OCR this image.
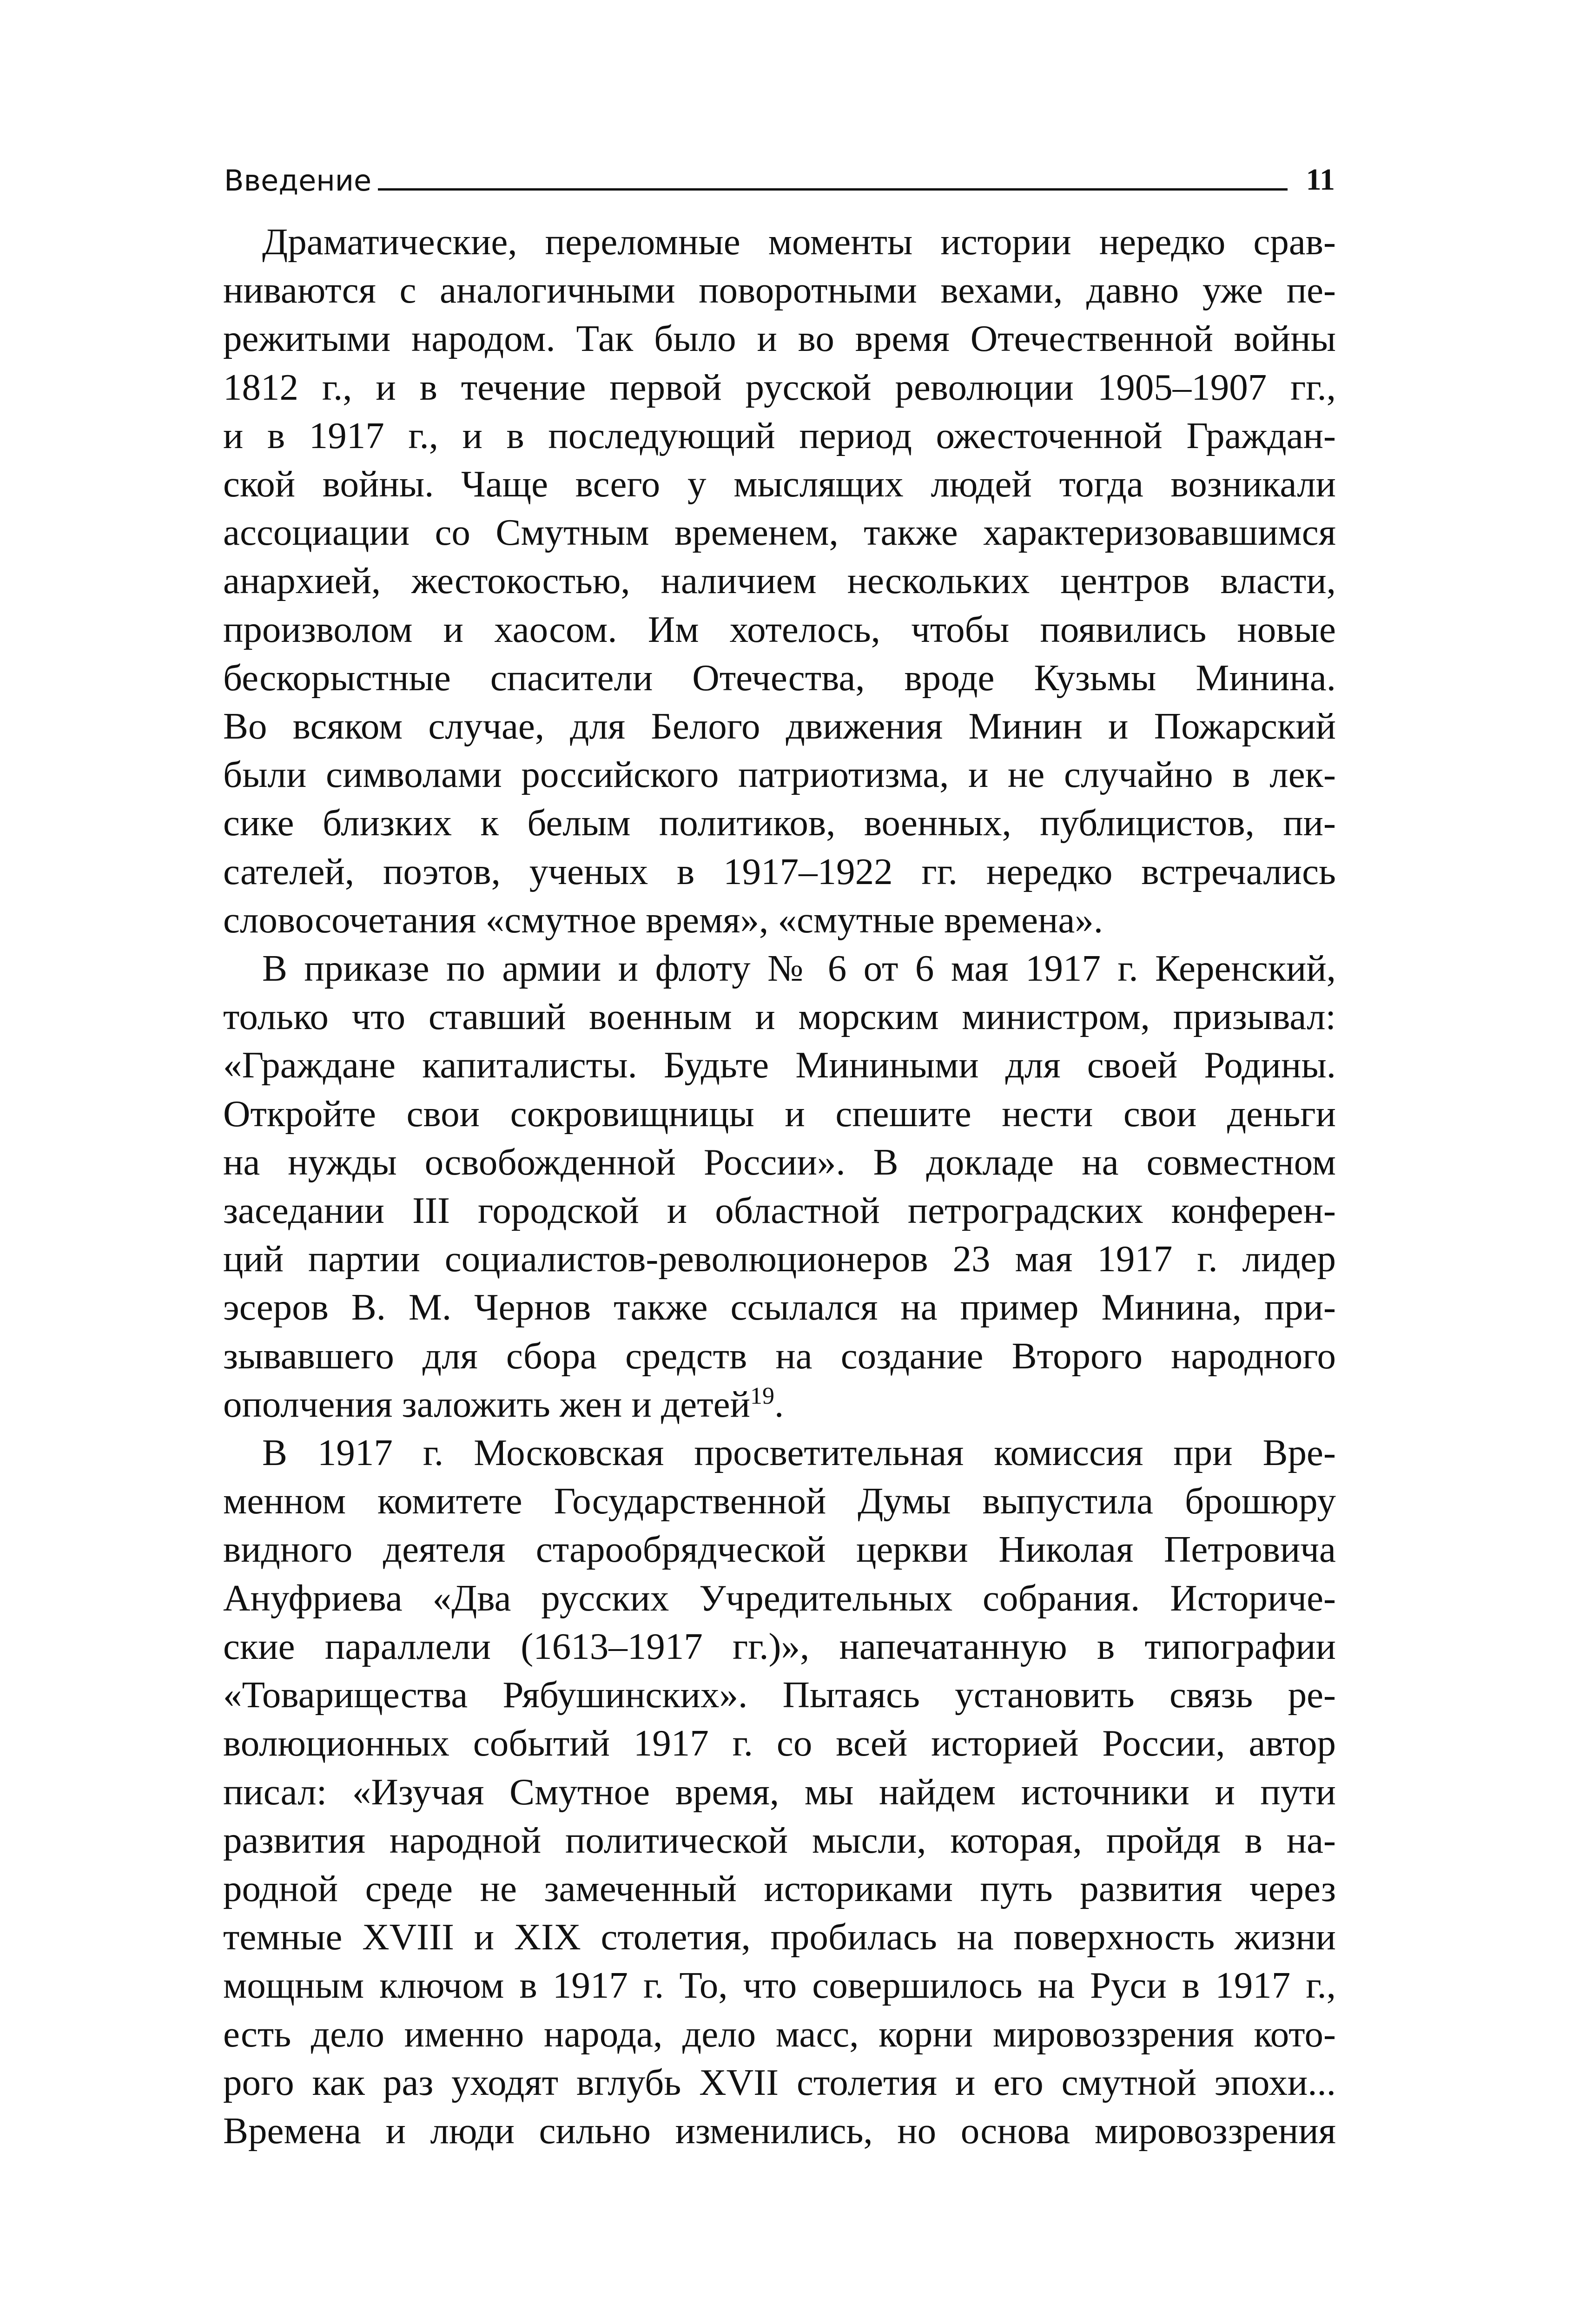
Введение	11

Драматические, переломные моменты истории нередко срав-
ниваются с аналогичными поворотными вехами, давно уже пе-
режитыми народом. Так было и во время Отечественной войны
1812 г., и в течение первой русской революции 1905–1907 гг.,
и в 1917 г., и в последующий период ожесточенной Граждан-
ской войны. Чаще всего у мыслящих людей тогда возникали
ассоциации со Смутным временем, также характеризовавшимся
анархией, жестокостью, наличием нескольких центров власти,
произволом и хаосом. Им хотелось, чтобы появились новые
бескорыстные спасители Отечества, вроде Кузьмы Минина.
Во всяком случае, для Белого движения Минин и Пожарский
были символами российского патриотизма, и не случайно в лек-
сике близких к белым политиков, военных, публицистов, пи-
сателей, поэтов, ученых в 1917–1922 гг. нередко встречались
словосочетания «смутное время», «смутные времена».

В приказе по армии и флоту № 6 от 6 мая 1917 г. Керенский,
только что ставший военным и морским министром, призывал:
«Граждане капиталисты. Будьте Миниными для своей Родины.
Откройте свои сокровищницы и спешите нести свои деньги
на нужды освобожденной России». В докладе на совместном
заседании III городской и областной петроградских конферен-
ций партии социалистов-революционеров 23 мая 1917 г. лидер
эсеров В. М. Чернов также ссылался на пример Минина, при-
зывавшего для сбора средств на создание Второго народного
ополчения заложить жен и детей$^{19}$.

В 1917 г. Московская просветительная комиссия при Вре-
менном комитете Государственной Думы выпустила брошюру
видного деятеля старообрядческой церкви Николая Петровича
Ануфриева «Два русских Учредительных собрания. Историче-
ские параллели (1613–1917 гг.)», напечатанную в типографии
«Товарищества Рябушинских». Пытаясь установить связь ре-
волюционных событий 1917 г. со всей историей России, автор
писал: «Изучая Смутное время, мы найдем источники и пути
развития народной политической мысли, которая, пройдя в на-
родной среде не замеченный историками путь развития через
темные XVIII и XIX столетия, пробилась на поверхность жизни
мощным ключом в 1917 г. То, что совершилось на Руси в 1917 г.,
есть дело именно народа, дело масс, корни мировоззрения кото-
рого как раз уходят вглубь XVII столетия и его смутной эпохи...
Времена и люди сильно изменились, но основа мировоззрения
